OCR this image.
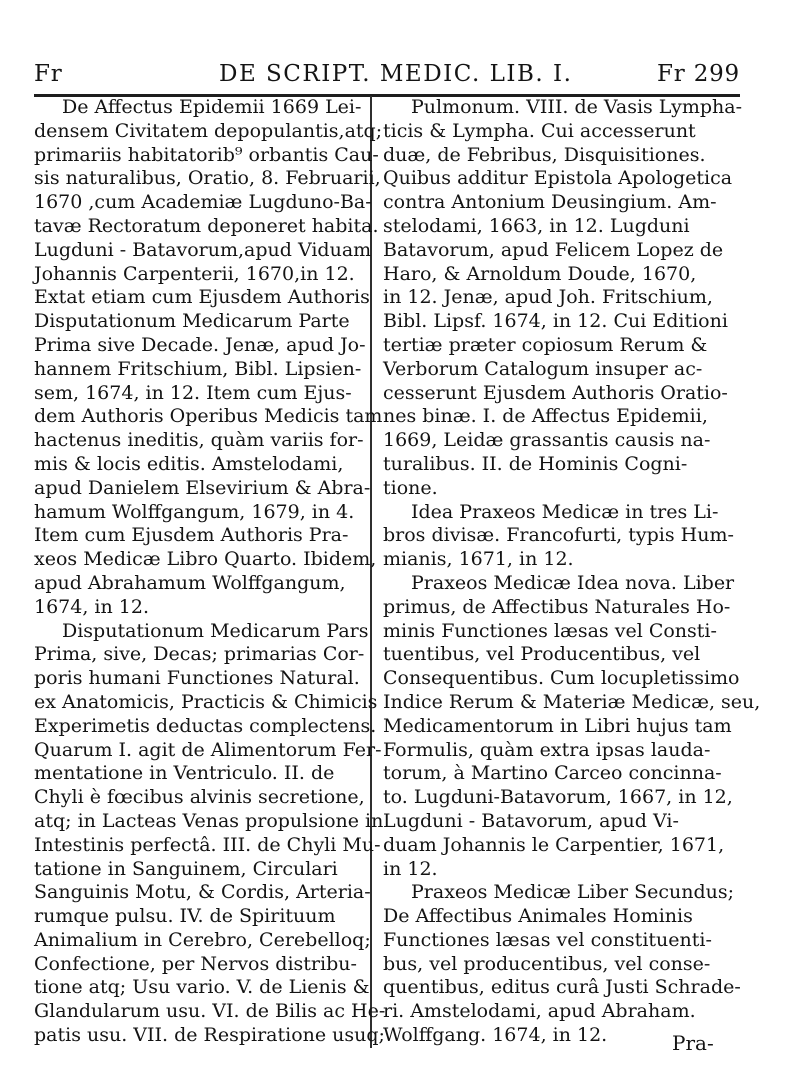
Fr	DE SCRIPT. MEDIC. LIB. I.	Fr 299
De Affectus Epidemii 1669 Lei-
densem Civitatem depopulantis,atq;
primariis habitatorib⁹ orbantis Cau-
sis naturalibus, Oratio, 8. Februarii,
1670 ,cum Academiæ Lugduno-Ba-
tavæ Rectoratum deponeret habita.
Lugduni - Batavorum,apud Viduam
Johannis Carpenterii, 1670,in 12.
Extat etiam cum Ejusdem Authoris
Disputationum Medicarum Parte
Prima sive Decade. Jenæ, apud Jo-
hannem Fritschium, Bibl. Lipsien-
sem, 1674, in 12. Item cum Ejus-
dem Authoris Operibus Medicis tam
hactenus ineditis, quàm variis for-
mis & locis editis. Amstelodami,
apud Danielem Elsevirium & Abra-
hamum Wolffgangum, 1679, in 4.
Item cum Ejusdem Authoris Pra-
xeos Medicæ Libro Quarto. Ibidem,
apud Abrahamum Wolffgangum,
1674, in 12.
Disputationum Medicarum Pars
Prima, sive, Decas; primarias Cor-
poris humani Functiones Natural.
ex Anatomicis, Practicis & Chimicis
Experimetis deductas complectens.
Quarum I. agit de Alimentorum Fer-
mentatione in Ventriculo. II. de
Chyli è fœcibus alvinis secretione,
atq; in Lacteas Venas propulsione in
Intestinis perfectâ. III. de Chyli Mu-
tatione in Sanguinem, Circulari
Sanguinis Motu, & Cordis, Arteria-
rumque pulsu. IV. de Spirituum
Animalium in Cerebro, Cerebelloq;
Confectione, per Nervos distribu-
tione atq; Usu vario. V. de Lienis &
Glandularum usu. VI. de Bilis ac He-
patis usu. VII. de Respiratione usuq;
Pulmonum. VIII. de Vasis Lympha-
ticis & Lympha. Cui accesserunt
duæ, de Febribus, Disquisitiones.
Quibus additur Epistola Apologetica
contra Antonium Deusingium. Am-
stelodami, 1663, in 12. Lugduni
Batavorum, apud Felicem Lopez de
Haro, & Arnoldum Doude, 1670,
in 12. Jenæ, apud Joh. Fritschium,
Bibl. Lipsf. 1674, in 12. Cui Editioni
tertiæ præter copiosum Rerum &
Verborum Catalogum insuper ac-
cesserunt Ejusdem Authoris Oratio-
nes binæ. I. de Affectus Epidemii,
1669, Leidæ grassantis causis na-
turalibus. II. de Hominis Cogni-
tione.
Idea Praxeos Medicæ in tres Li-
bros divisæ. Francofurti, typis Hum-
mianis, 1671, in 12.
Praxeos Medicæ Idea nova. Liber
primus, de Affectibus Naturales Ho-
minis Functiones læsas vel Consti-
tuentibus, vel Producentibus, vel
Consequentibus. Cum locupletissimo
Indice Rerum & Materiæ Medicæ, seu,
Medicamentorum in Libri hujus tam
Formulis, quàm extra ipsas lauda-
torum, à Martino Carceo concinna-
to. Lugduni-Batavorum, 1667, in 12,
Lugduni - Batavorum, apud Vi-
duam Johannis le Carpentier, 1671,
in 12.
Praxeos Medicæ Liber Secundus;
De Affectibus Animales Hominis
Functiones læsas vel constituenti-
bus, vel producentibus, vel conse-
quentibus, editus curâ Justi Schrade-
ri. Amstelodami, apud Abraham.
Wolffgang. 1674, in 12.	Pra-
